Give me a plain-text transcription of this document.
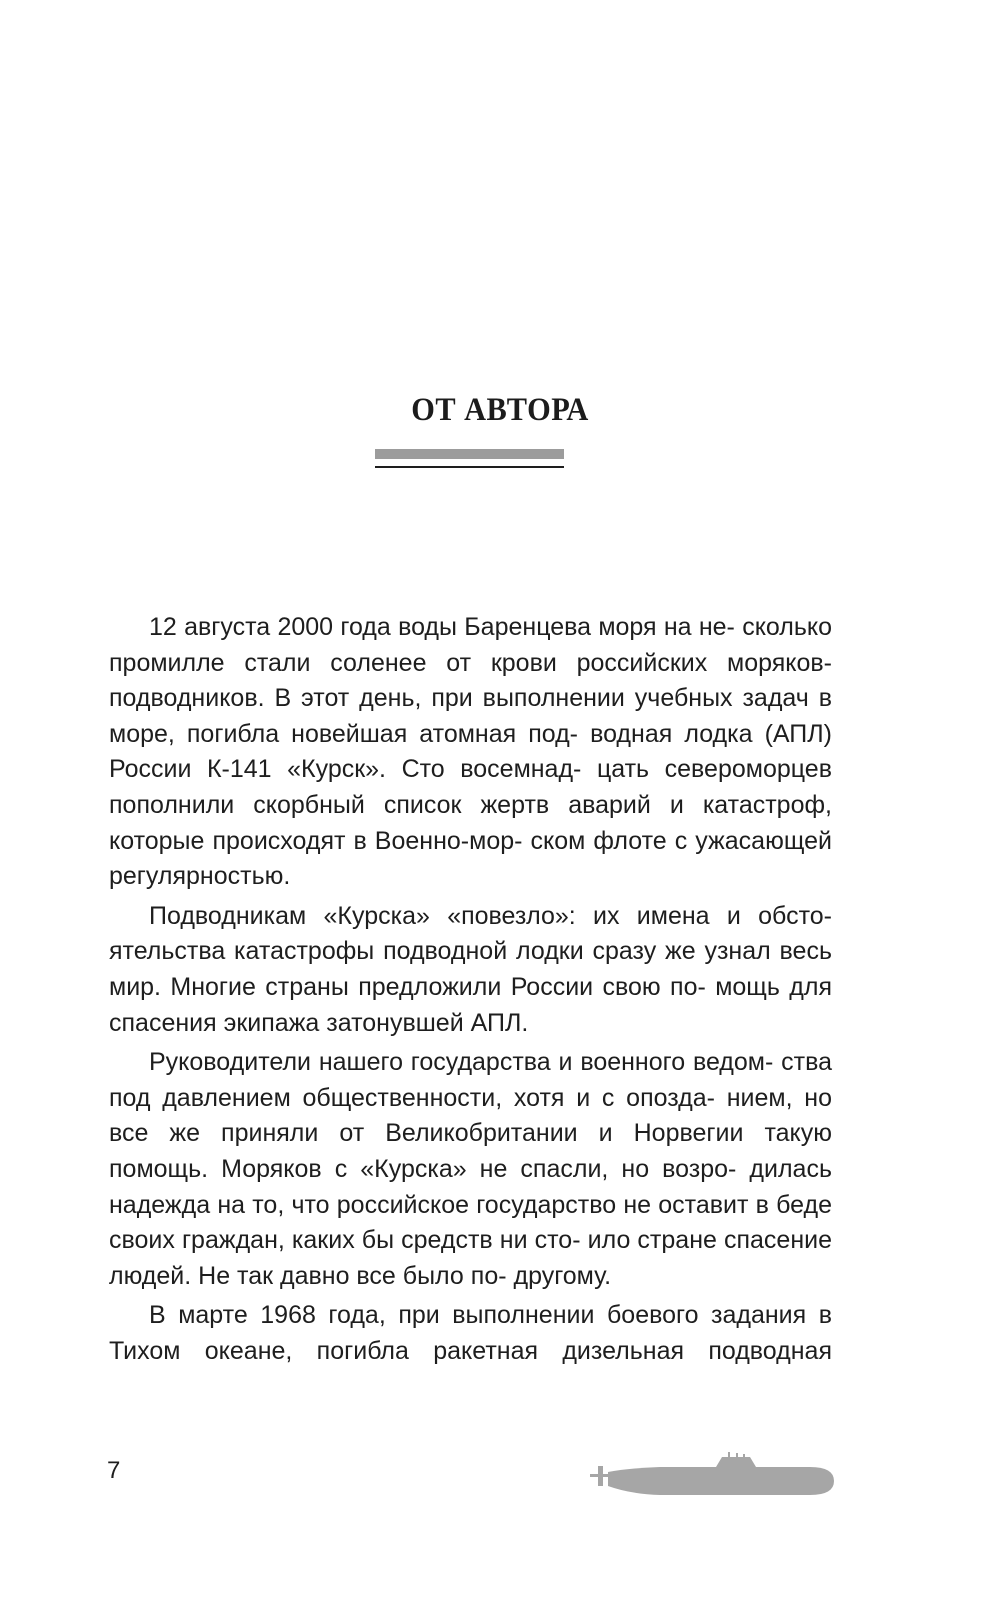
ОТ АВТОРА

12 августа 2000 года воды Баренцева моря на не- сколько промилле стали соленее от крови российских моряков-подводников. В этот день, при выполнении учебных задач в море, погибла новейшая атомная под- водная лодка (АПЛ) России К-141 «Курск». Сто восемнад- цать североморцев пополнили скорбный список жертв аварий и катастроф, которые происходят в Военно-мор- ском флоте с ужасающей регулярностью.

Подводникам «Курска» «повезло»: их имена и обсто- ятельства катастрофы подводной лодки сразу же узнал весь мир. Многие страны предложили России свою по- мощь для спасения экипажа затонувшей АПЛ.

Руководители нашего государства и военного ведом- ства под давлением общественности, хотя и с опозда- нием, но все же приняли от Великобритании и Норвегии такую помощь. Моряков с «Курска» не спасли, но возро- дилась надежда на то, что российское государство не оставит в беде своих граждан, каких бы средств ни сто- ило стране спасение людей. Не так давно все было по- другому.

В марте 1968 года, при выполнении боевого задания в Тихом океане, погибла ракетная дизельная подводная

7
